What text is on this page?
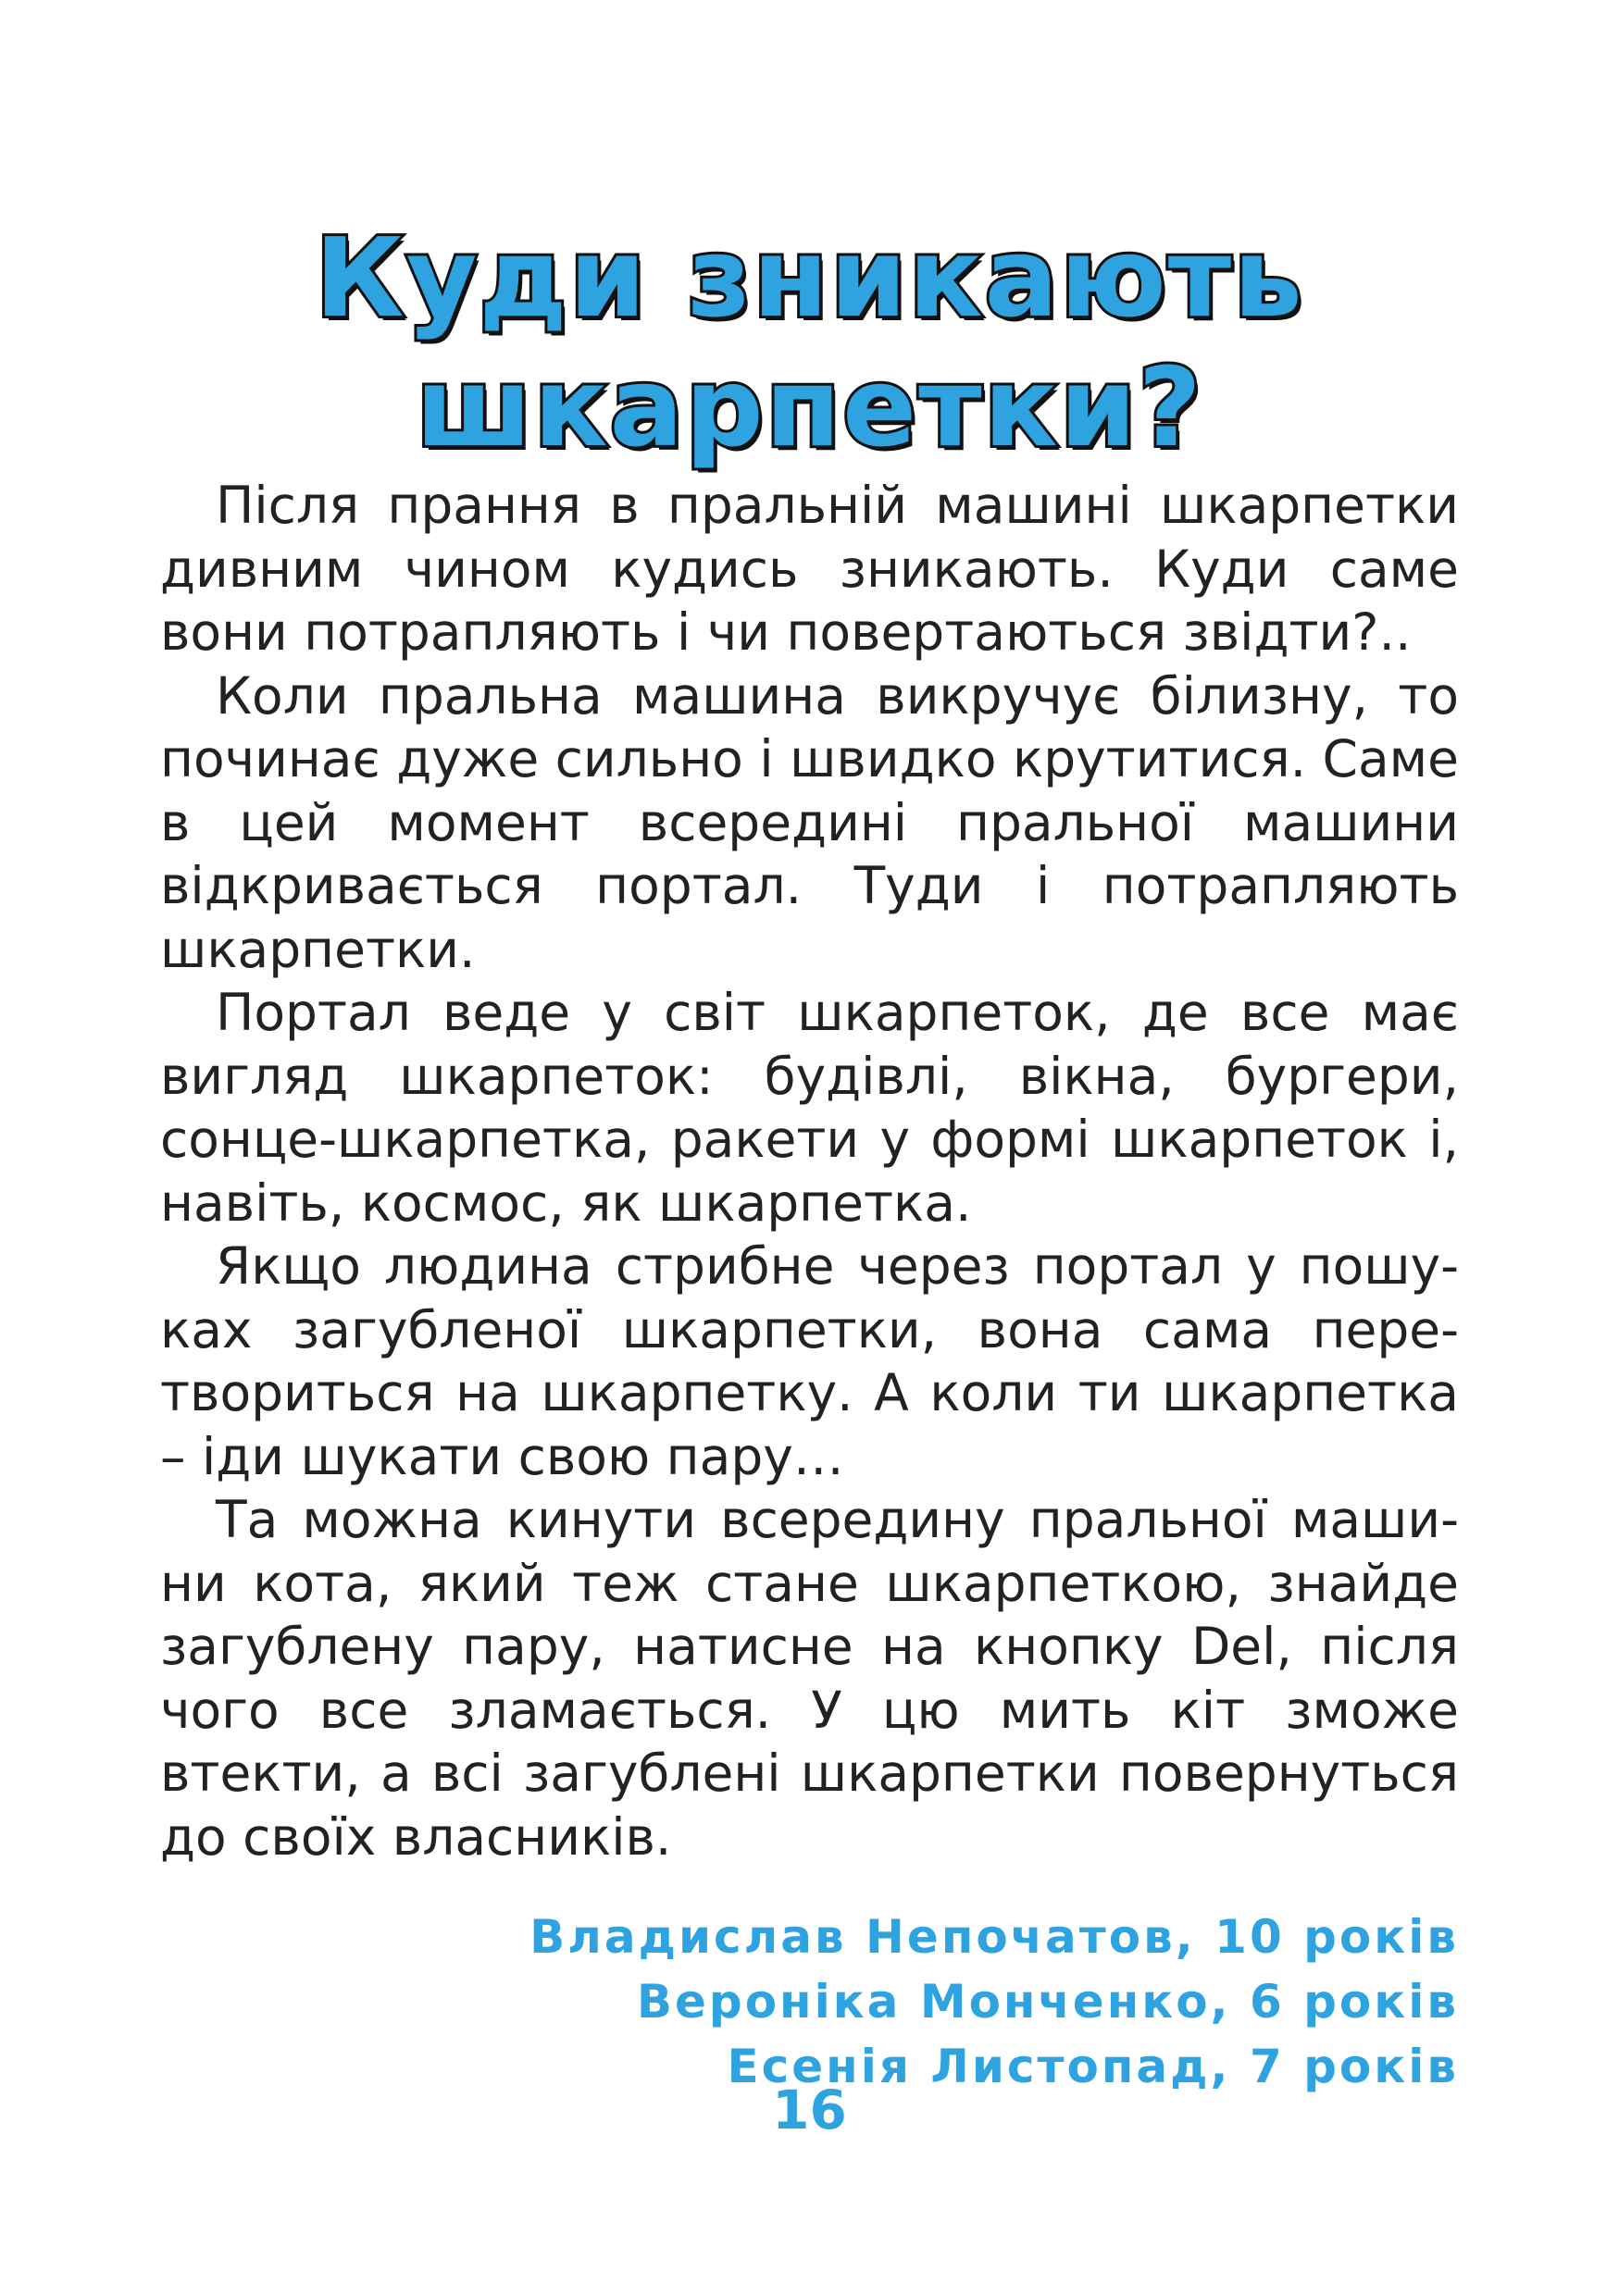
Куди зникають
шкарпетки?

Після прання в пральній машині шкарпетки дивним чином кудись зникають. Куди саме вони потрапляють і чи повертаються звідти?..

Коли пральна машина викручує білизну, то починає дуже сильно і швидко крутитися. Саме в цей момент всередині пральної машини відкривається портал. Туди і потрапляють шкарпетки.

Портал веде у світ шкарпеток, де все має вигляд шкарпеток: будівлі, вікна, бургери, сонце-шкарпетка, ракети у формі шкарпеток і, навіть, космос, як шкарпетка.

Якщо людина стрибне через портал у пошуках загубленої шкарпетки, вона сама перетвориться на шкарпетку. А коли ти шкарпетка – іди шукати свою пару…

Та можна кинути всередину пральної машини кота, який теж стане шкарпеткою, знайде загублену пару, натисне на кнопку Del, після чого все зламається. У цю мить кіт зможе втекти, а всі загублені шкарпетки повернуться до своїх власників.

Владислав Непочатов, 10 років
Вероніка Монченко, 6 років
Есенія Листопад, 7 років
16
